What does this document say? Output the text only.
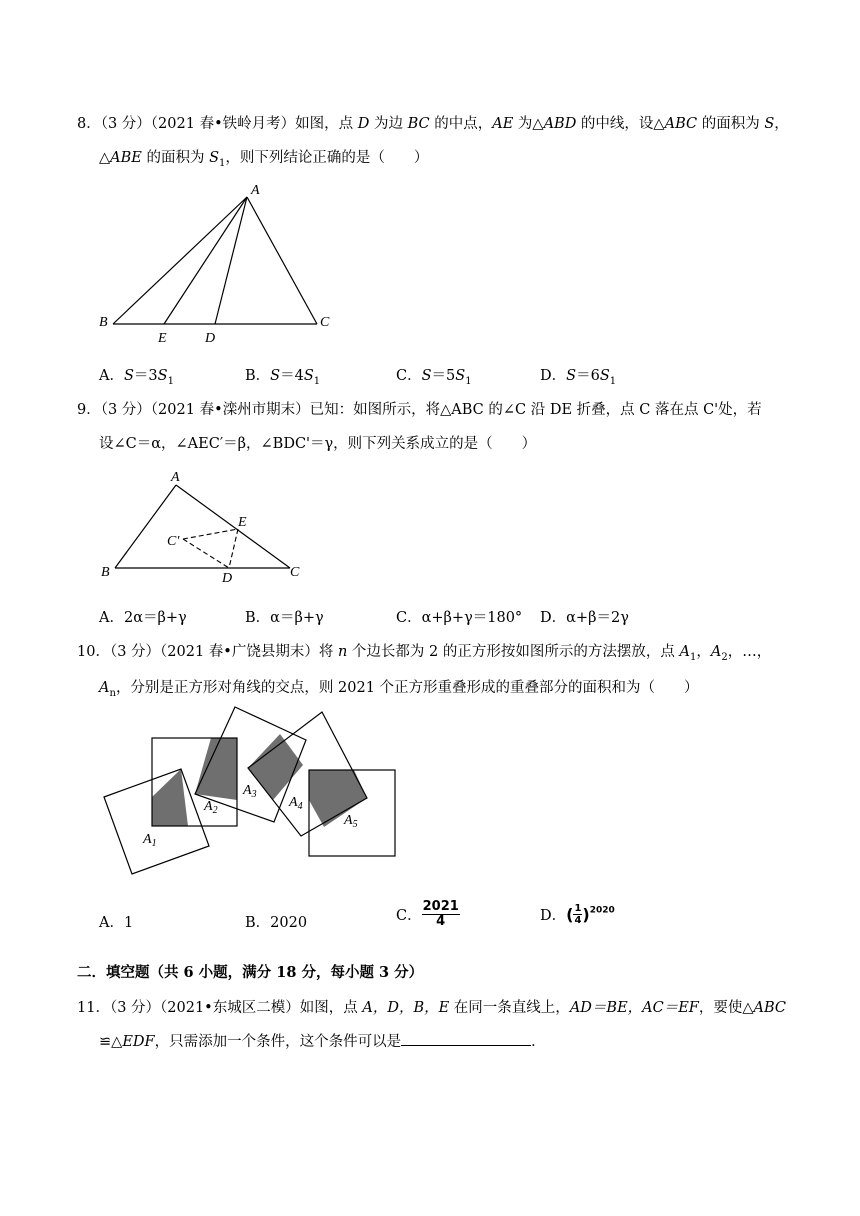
8．（3 分）（2021 春•铁岭月考）如图，点 D 为边 BC 的中点，AE 为△ABD 的中线，设△ABC 的面积为 S，
△ABE 的面积为 $S_1$，则下列结论正确的是（　　）
A
B	C
E	D
A．$S=3S_1$	B．$S=4S_1$	C．$S=5S_1$	D．$S=6S_1$
9．（3 分）（2021 春•滦州市期末）已知：如图所示，将△ABC 的∠C 沿 DE 折叠，点 C 落在点 C'处，若
设∠C＝α，∠AEC′＝β，∠BDC'＝γ，则下列关系成立的是（　　）
A
B	C
C'
E
D
A．2α＝β+γ	B．α＝β+γ	C．α+β+γ＝180° D．α+β＝2γ
10．（3 分）（2021 春•广饶县期末）将 n 个边长都为 2 的正方形按如图所示的方法摆放，点 $A_1$，$A_2$，…，
$A_n$，分别是正方形对角线的交点，则 2021 个正方形重叠形成的重叠部分的面积和为（　　）
$A_1$
$A_2$
$A_3$
$A_4$
$A_5$
A．1	B．2020	C． $\frac{2021}{4}$	D．( $\frac{1}{4} )^{2020}$
二．填空题（共 6 小题，满分 18 分，每小题 3 分）
11．（3 分）（2021•东城区二模）如图，点 A，D，B，E 在同一条直线上，AD＝BE，AC＝EF，要使△ABC
≌△EDF，只需添加一个条件，这个条件可以是	．
